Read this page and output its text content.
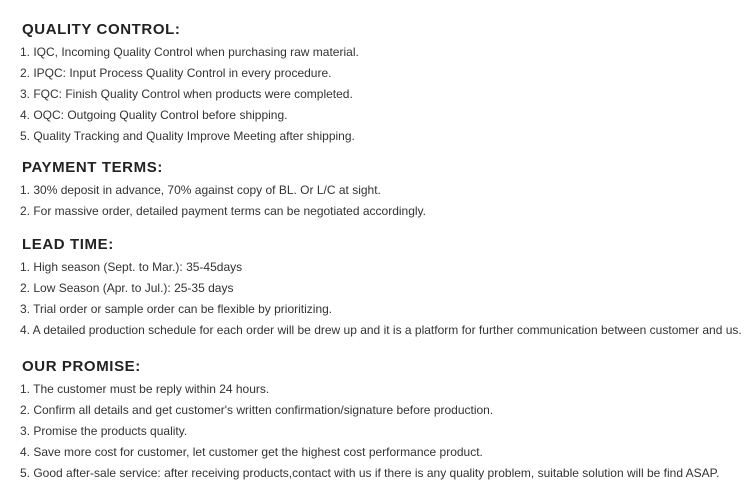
QUALITY CONTROL:
1. IQC, Incoming Quality Control when purchasing raw material.
2. IPQC: Input Process Quality Control in every procedure.
3. FQC: Finish Quality Control when products were completed.
4. OQC: Outgoing Quality Control before shipping.
5. Quality Tracking and Quality Improve Meeting after shipping.
PAYMENT TERMS:
1. 30% deposit in advance, 70% against copy of BL. Or L/C at sight.
2. For massive order, detailed payment terms can be negotiated accordingly.
LEAD TIME:
1. High season (Sept. to Mar.): 35-45days
2. Low Season (Apr. to Jul.): 25-35 days
3. Trial order or sample order can be flexible by prioritizing.
4. A detailed production schedule for each order will be drew up and it is a platform for further communication between customer and us.
OUR PROMISE:
1. The customer must be reply within 24 hours.
2. Confirm all details and get customer's written confirmation/signature before production.
3. Promise the products quality.
4. Save more cost for customer, let customer get the highest cost performance product.
5. Good after-sale service: after receiving products,contact with us if there is any quality problem, suitable solution will be find ASAP.
